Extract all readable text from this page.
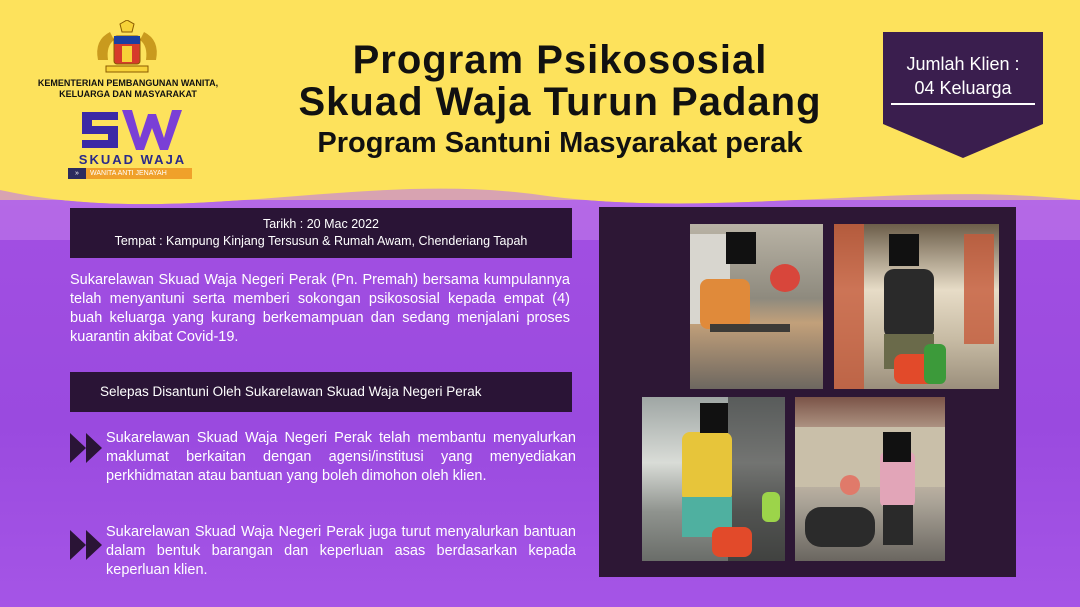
KEMENTERIAN PEMBANGUNAN WANITA, KELUARGA DAN MASYARAKAT
SKUAD WAJA
» WANITA ANTI JENAYAH
Program Psikososial
Skuad Waja Turun Padang
Program Santuni Masyarakat perak
Jumlah Klien :
04 Keluarga
Tarikh : 20 Mac 2022
Tempat : Kampung Kinjang Tersusun & Rumah Awam, Chenderiang Tapah
Sukarelawan Skuad Waja Negeri Perak (Pn. Premah) bersama kumpulannya telah menyantuni serta memberi sokongan psikososial kepada empat (4) buah keluarga yang kurang berkemampuan dan sedang menjalani proses kuarantin akibat Covid-19.
Selepas Disantuni Oleh Sukarelawan Skuad Waja Negeri Perak
Sukarelawan Skuad Waja Negeri Perak telah membantu menyalurkan maklumat berkaitan dengan agensi/institusi yang menyediakan perkhidmatan atau bantuan yang boleh dimohon oleh klien.
Sukarelawan Skuad Waja Negeri Perak juga turut menyalurkan bantuan dalam bentuk barangan dan keperluan asas berdasarkan kepada keperluan klien.
